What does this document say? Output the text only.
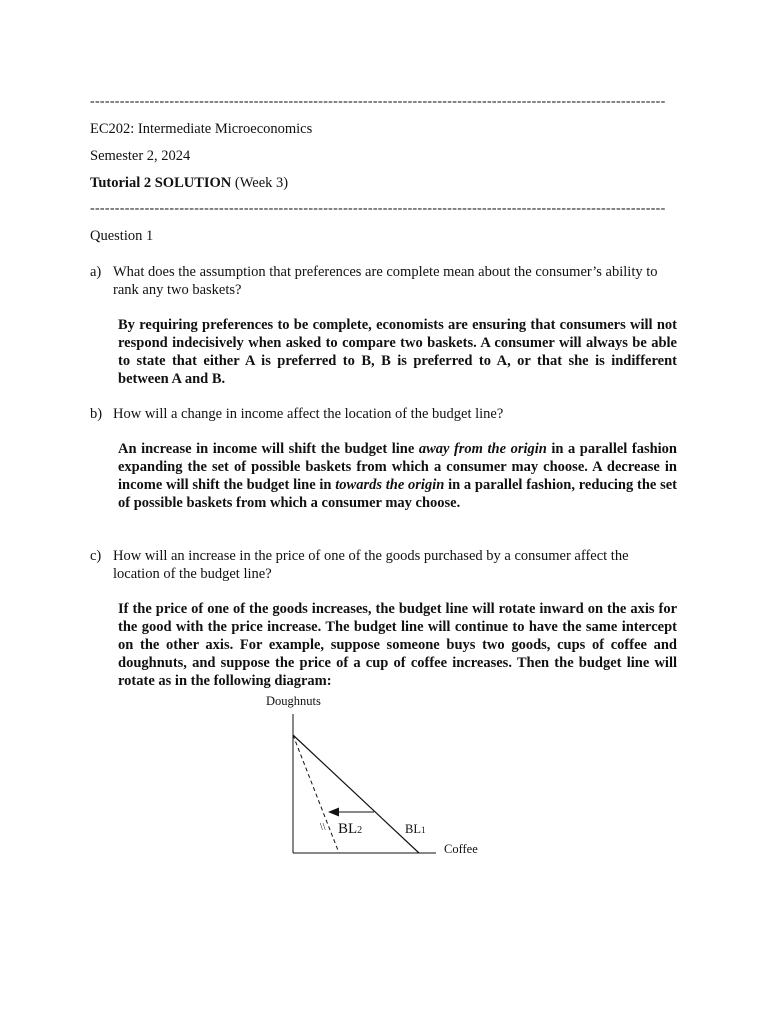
--------------------------------------------------------------------------------------------------------------------
EC202: Intermediate Microeconomics
Semester 2, 2024
Tutorial 2 SOLUTION (Week 3)
--------------------------------------------------------------------------------------------------------------------
Question 1
a) What does the assumption that preferences are complete mean about the consumer’s ability to rank any two baskets?
By requiring preferences to be complete, economists are ensuring that consumers will not respond indecisively when asked to compare two baskets. A consumer will always be able to state that either A is preferred to B, B is preferred to A, or that she is indifferent between A and B.
b) How will a change in income affect the location of the budget line?
An increase in income will shift the budget line away from the origin in a parallel fashion expanding the set of possible baskets from which a consumer may choose. A decrease in income will shift the budget line in towards the origin in a parallel fashion, reducing the set of possible baskets from which a consumer may choose.
c) How will an increase in the price of one of the goods purchased by a consumer affect the location of the budget line?
If the price of one of the goods increases, the budget line will rotate inward on the axis for the good with the price increase. The budget line will continue to have the same intercept on the other axis. For example, suppose someone buys two goods, cups of coffee and doughnuts, and suppose the price of a cup of coffee increases. Then the budget line will rotate as in the following diagram:
Doughnuts
\\ BL2	BL1
Coffee
